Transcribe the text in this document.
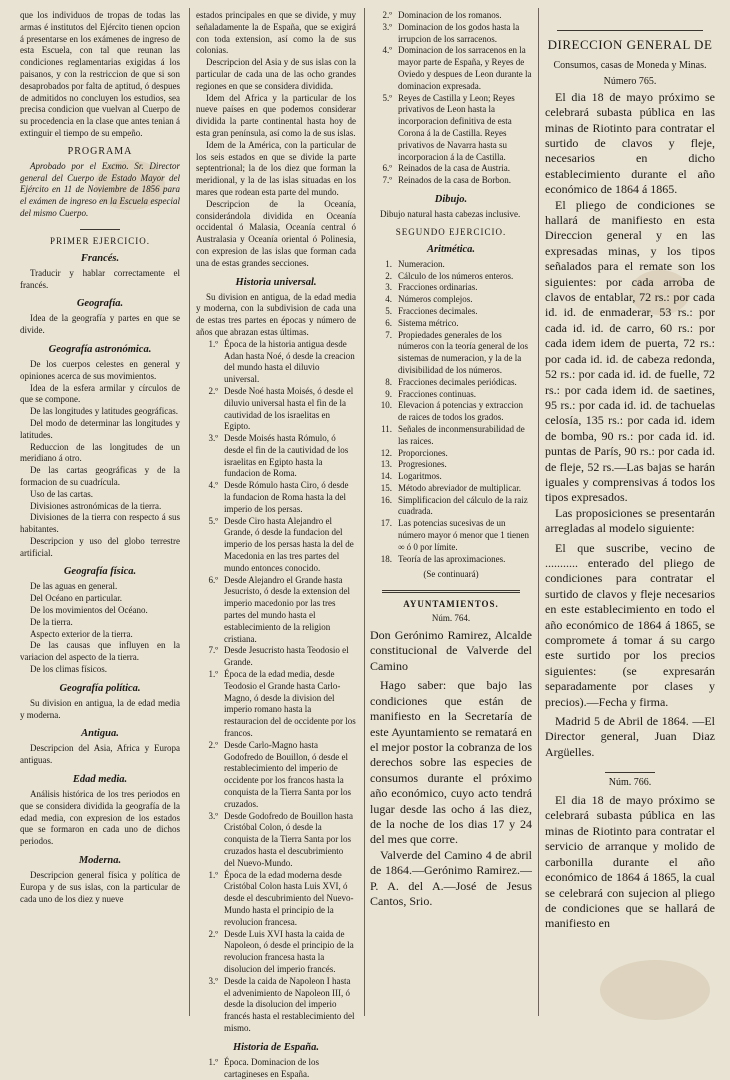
que los individuos de tropas de todas las armas é institutos del Ejército tienen opcion á presentarse en los exámenes de ingreso de esta Escuela, con tal que reunan las condiciones reglamentarias exigidas á los paisanos, y con la restriccion de que si son desaprobados por falta de aptitud, ó despues de admitidos no concluyen los estudios, sea precisa condicion que vuelvan al Cuerpo de su procedencia en la clase que antes tenian á extinguir el tiempo de su empeño.

PROGRAMA

Aprobado por el Excmo. Sr. Director general del Cuerpo de Estado Mayor del Ejército en 11 de Noviembre de 1856 para el exámen de ingreso en la Escuela especial del mismo Cuerpo.

PRIMER EJERCICIO.
Francés.

Traducir y hablar correctamente el francés.

Geografía.

Idea de la geografía y partes en que se divide.

Geografía astronómica.

De los cuerpos celestes en general y opiniones acerca de sus movimientos.

Idea de la esfera armilar y círculos de que se compone.

De las longitudes y latitudes geográficas.

Del modo de determinar las longitudes y latitudes.

Reduccion de las longitudes de un meridiano á otro.

De las cartas geográficas y de la formacion de su cuadrícula.

Uso de las cartas.

Divisiones astronómicas de la tierra.

Divisiones de la tierra con respecto á sus habitantes.

Descripcion y uso del globo terrestre artificial.

Geografía física.

De las aguas en general.

Del Océano en particular.

De los movimientos del Océano.

De la tierra.

Aspecto exterior de la tierra.

De las causas que influyen en la variacion del aspecto de la tierra.

De los climas físicos.

Geografía política.

Su division en antigua, la de edad media y moderna.

Antigua.

Descripcion del Asia, Africa y Europa antiguas.

Edad media.

Análisis histórica de los tres periodos en que se considera dividida la geografía de la edad media, con expresion de los estados que se formaron en cada uno de dichos periodos.

Moderna.

Descripcion general física y política de Europa y de sus islas, con la particular de cada uno de los diez y nueve

estados principales en que se divide, y muy señaladamente la de España, que se exigirá con toda extension, así como la de sus colonias.

Descripcion del Asia y de sus islas con la particular de cada una de las ocho grandes regiones en que se considera dividida.

Idem del Africa y la particular de los nueve países en que podemos considerar dividida la parte continental hasta hoy de esta gran península, así como la de sus islas.

Idem de la América, con la particular de los seis estados en que se divide la parte septentrional; la de los diez que forman la meridional, y la de las islas situadas en los mares que rodean esta parte del mundo.

Descripcion de la Oceanía, considerándola dividida en Oceanía occidental ó Malasia, Oceanía central ó Australasia y Oceanía oriental ó Polinesia, con expresion de las islas que forman cada una de estas grandes secciones.

Historia universal.

Su division en antigua, de la edad media y moderna, con la subdivision de cada una de estas tres partes en épocas y número de años que abrazan estas últimas.

1.º Época de la historia antigua desde Adan hasta Noé, ó desde la creacion del mundo hasta el diluvio universal.
2.º Desde Noé hasta Moisés, ó desde el diluvio universal hasta el fin de la cautividad de los israelitas en Egipto.
3.º Desde Moisés hasta Rómulo, ó desde el fin de la cautividad de los israelitas en Egipto hasta la fundacion de Roma.
4.º Desde Rómulo hasta Ciro, ó desde la fundacion de Roma hasta la del imperio de los persas.
5.º Desde Ciro hasta Alejandro el Grande, ó desde la fundacion del imperio de los persas hasta la del de Macedonia en las tres partes del mundo entonces conocido.
6.º Desde Alejandro el Grande hasta Jesucristo, ó desde la extension del imperio macedonio por las tres partes del mundo hasta el establecimiento de la religion cristiana.
7.º Desde Jesucristo hasta Teodosio el Grande.
1.º Época de la edad media, desde Teodosio el Grande hasta Carlo-Magno, ó desde la division del imperio romano hasta la restauracion del de occidente por los francos.
2.º Desde Carlo-Magno hasta Godofredo de Bouillon, ó desde el restablecimiento del imperio de occidente por los francos hasta la conquista de la Tierra Santa por los cruzados.
3.º Desde Godofredo de Bouillon hasta Cristóbal Colon, ó desde la conquista de la Tierra Santa por los cruzados hasta el descubrimiento del Nuevo-Mundo.
1.º Época de la edad moderna desde Cristóbal Colon hasta Luis XVI, ó desde el descubrimiento del Nuevo-Mundo hasta el principio de la revolucion francesa.
2.º Desde Luis XVI hasta la caida de Napoleon, ó desde el principio de la revolucion francesa hasta la disolucion del imperio francés.
3.º Desde la caida de Napoleon I hasta el advenimiento de Napoleon III, ó desde la disolucion del imperio francés hasta el restablecimiento del mismo.
Historia de España.
1.º Época. Dominacion de los cartagineses en España.
2.º Dominacion de los romanos.
3.º Dominacion de los godos hasta la irrupcion de los sarracenos.
4.º Dominacion de los sarracenos en la mayor parte de España, y Reyes de Oviedo y despues de Leon durante la dominacion expresada.
5.º Reyes de Castilla y Leon; Reyes privativos de Leon hasta la incorporacion definitiva de esta Corona á la de Castilla. Reyes privativos de Navarra hasta su incorporacion á la de Castilla.
6.º Reinados de la casa de Austria.
7.º Reinados de la casa de Borbon.
Dibujo.

Dibujo natural hasta cabezas inclusive.

SEGUNDO EJERCICIO.
Aritmética.
1. Numeracion.
2. Cálculo de los números enteros.
3. Fracciones ordinarias.
4. Números complejos.
5. Fracciones decimales.
6. Sistema métrico.
7. Propiedades generales de los números con la teoría general de los sistemas de numeracion, y la de la divisibilidad de los números.
8. Fracciones decimales periódicas.
9. Fracciones continuas.
10. Elevacion á potencias y extraccion de raices de todos los grados.
11. Señales de inconmensurabilidad de las raices.
12. Proporciones.
13. Progresiones.
14. Logaritmos.
15. Método abreviador de multiplicar.
16. Simplificacion del cálculo de la raiz cuadrada.
17. Las potencias sucesivas de un número mayor ó menor que 1 tienen ∞ ó 0 por límite.
18. Teoría de las aproximaciones.

(Se continuará)

AYUNTAMIENTOS.

Núm. 764.

Don Gerónimo Ramirez, Alcalde constitucional de Valverde del Camino

Hago saber: que bajo las condiciones que están de manifiesto en la Secretaría de este Ayuntamiento se rematará en el mejor postor la cobranza de los derechos sobre las especies de consumos durante el próximo año económico, cuyo acto tendrá lugar desde las ocho á las diez, de la noche de los dias 17 y 24 del mes que corre.

Valverde del Camino 4 de abril de 1864.—Gerónimo Ramirez.—P. A. del A.—José de Jesus Cantos, Srio.

DIRECCION GENERAL DE

Consumos, casas de Moneda y Minas.

Número 765.

El dia 18 de mayo próximo se celebrará subasta pública en las minas de Riotinto para contratar el surtido de clavos y fleje, necesarios en dicho establecimiento durante el año económico de 1864 á 1865.

El pliego de condiciones se hallará de manifiesto en esta Direccion general y en las expresadas minas, y los tipos señalados para el remate son los siguientes: por cada arroba de clavos de entablar, 72 rs.: por cada id. id. de enmaderar, 53 rs.: por cada id. id. de carro, 60 rs.: por cada idem idem de puerta, 72 rs.: por cada id. id. de cabeza redonda, 52 rs.: por cada id. id. de fuelle, 72 rs.: por cada idem id. de saetines, 95 rs.: por cada id. id. de tachuelas celosía, 135 rs.: por cada id. idem de bomba, 90 rs.: por cada id. id. puntas de París, 90 rs.: por cada id. de fleje, 52 rs.—Las bajas se harán iguales y comprensivas á todos los tipos expresados.

Las proposiciones se presentarán arregladas al modelo siguiente:

El que suscribe, vecino de ........... enterado del pliego de condiciones para contratar el surtido de clavos y fleje necesarios en este establecimiento en todo el año económico de 1864 á 1865, se compromete á tomar á su cargo este surtido por los precios siguientes: (se expresarán separadamente por clases y precios).—Fecha y firma.

Madrid 5 de Abril de 1864. —El Director general, Juan Diaz Argüelles.

Núm. 766.

El dia 18 de mayo próximo se celebrará subasta pública en las minas de Riotinto para contratar el servicio de arranque y molido de carbonilla durante el año económico de 1864 á 1865, la cual se celebrará con sujecion al pliego de condiciones que se hallará de manifiesto en
